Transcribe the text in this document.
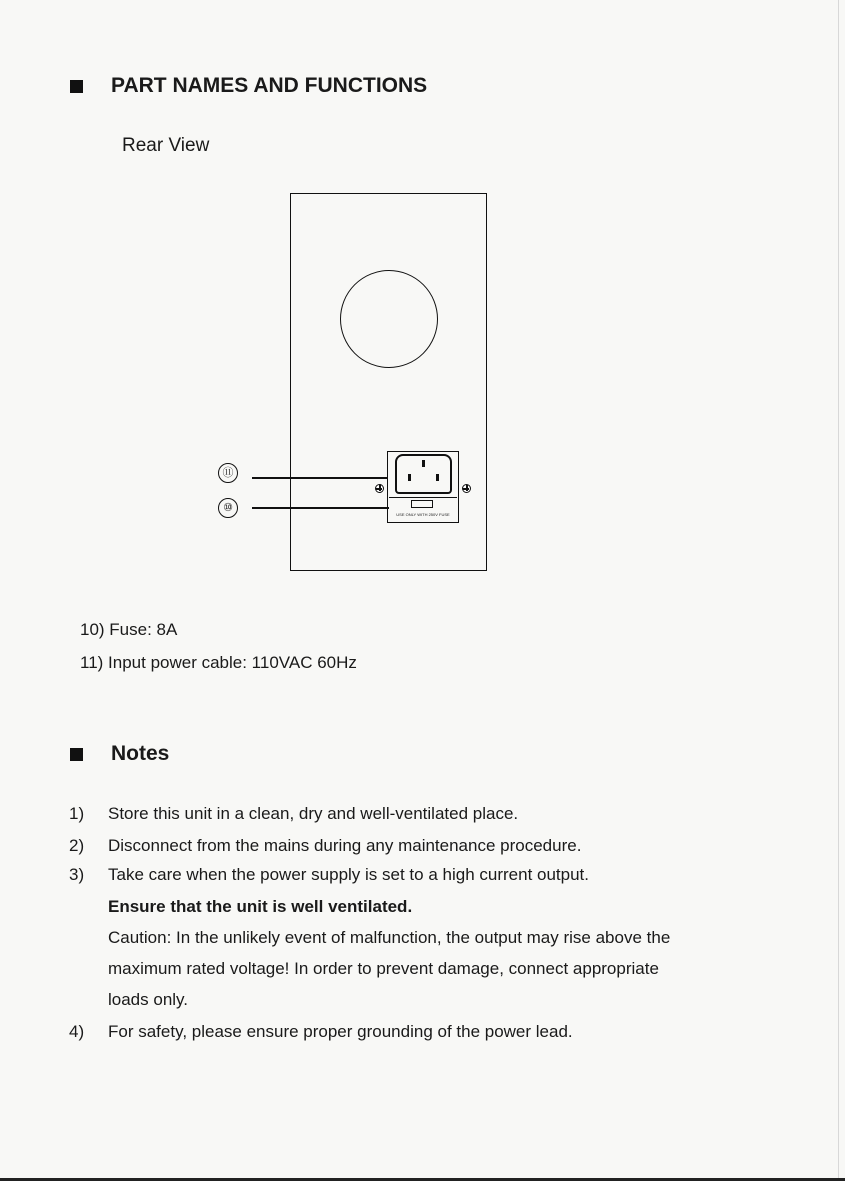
PART NAMES AND FUNCTIONS
Rear View
USE ONLY WITH 250V FUSE
⑪
⑩
10) Fuse: 8A
11) Input power cable: 110VAC 60Hz
Notes
1) Store this unit in a clean, dry and well-ventilated place.
2) Disconnect from the mains during any maintenance procedure.
3) Take care when the power supply is set to a high current output.
Ensure that the unit is well ventilated.
Caution: In the unlikely event of malfunction, the output may rise above the
maximum rated voltage! In order to prevent damage, connect appropriate
loads only.
4) For safety, please ensure proper grounding of the power lead.
